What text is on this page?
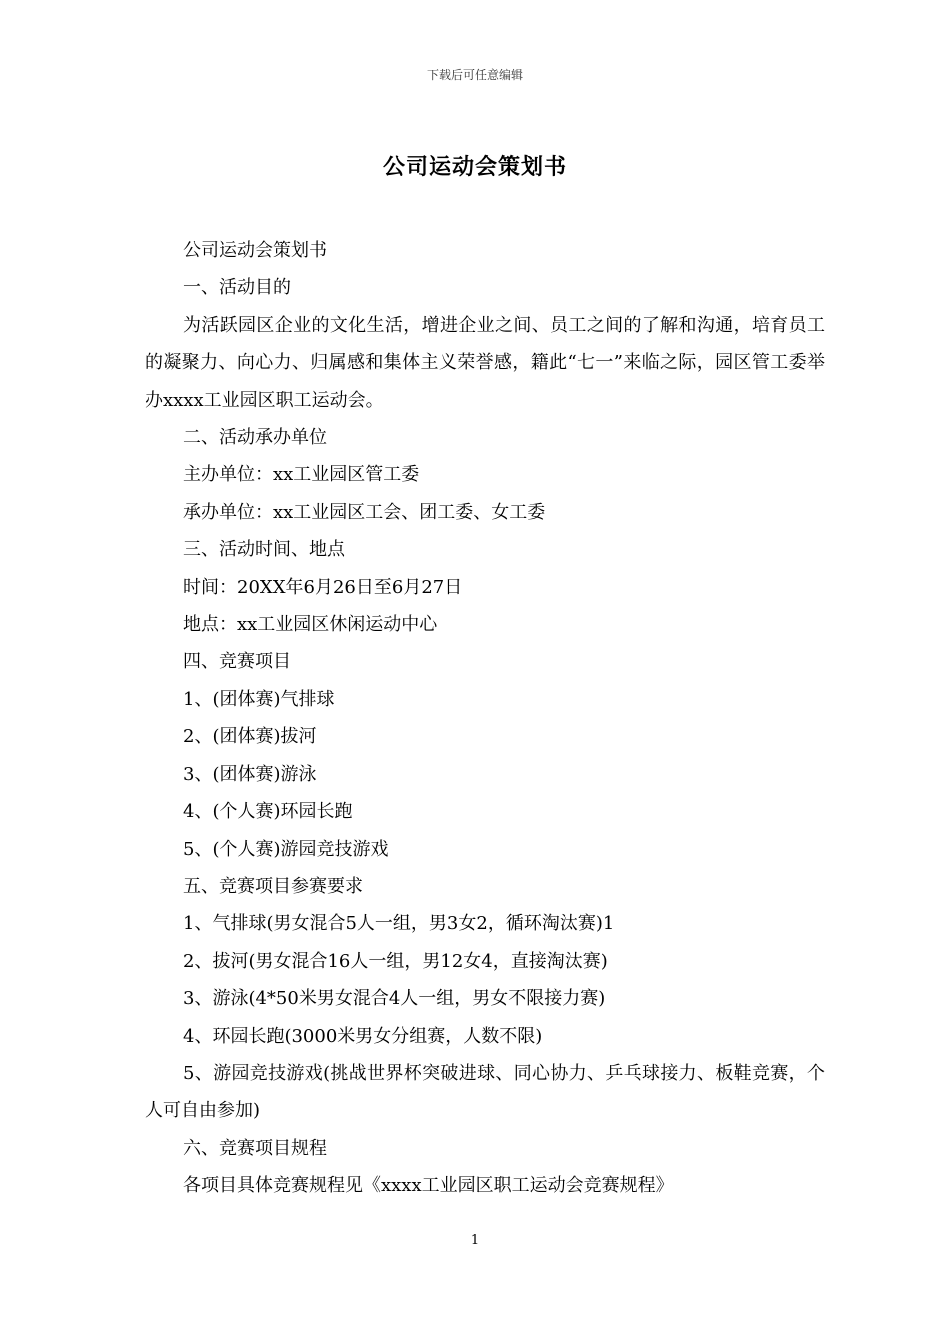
下载后可任意编辑
公司运动会策划书

公司运动会策划书

一、活动目的

为活跃园区企业的文化生活，增进企业之间、员工之间的了解和沟通，培育员工的凝聚力、向心力、归属感和集体主义荣誉感，籍此“七一”来临之际，园区管工委举办xxxx工业园区职工运动会。

二、活动承办单位

主办单位：xx工业园区管工委

承办单位：xx工业园区工会、团工委、女工委

三、活动时间、地点

时间：20XX年6月26日至6月27日

地点：xx工业园区休闲运动中心

四、竞赛项目

1、(团体赛)气排球

2、(团体赛)拔河

3、(团体赛)游泳

4、(个人赛)环园长跑

5、(个人赛)游园竞技游戏

五、竞赛项目参赛要求

1、气排球(男女混合5人一组，男3女2，循环淘汰赛)1

2、拔河(男女混合16人一组，男12女4，直接淘汰赛)

3、游泳(4*50米男女混合4人一组，男女不限接力赛)

4、环园长跑(3000米男女分组赛，人数不限)

5、游园竞技游戏(挑战世界杯突破进球、同心协力、乒乓球接力、板鞋竞赛，个人可自由参加)

六、竞赛项目规程

各项目具体竞赛规程见《xxxx工业园区职工运动会竞赛规程》

1
